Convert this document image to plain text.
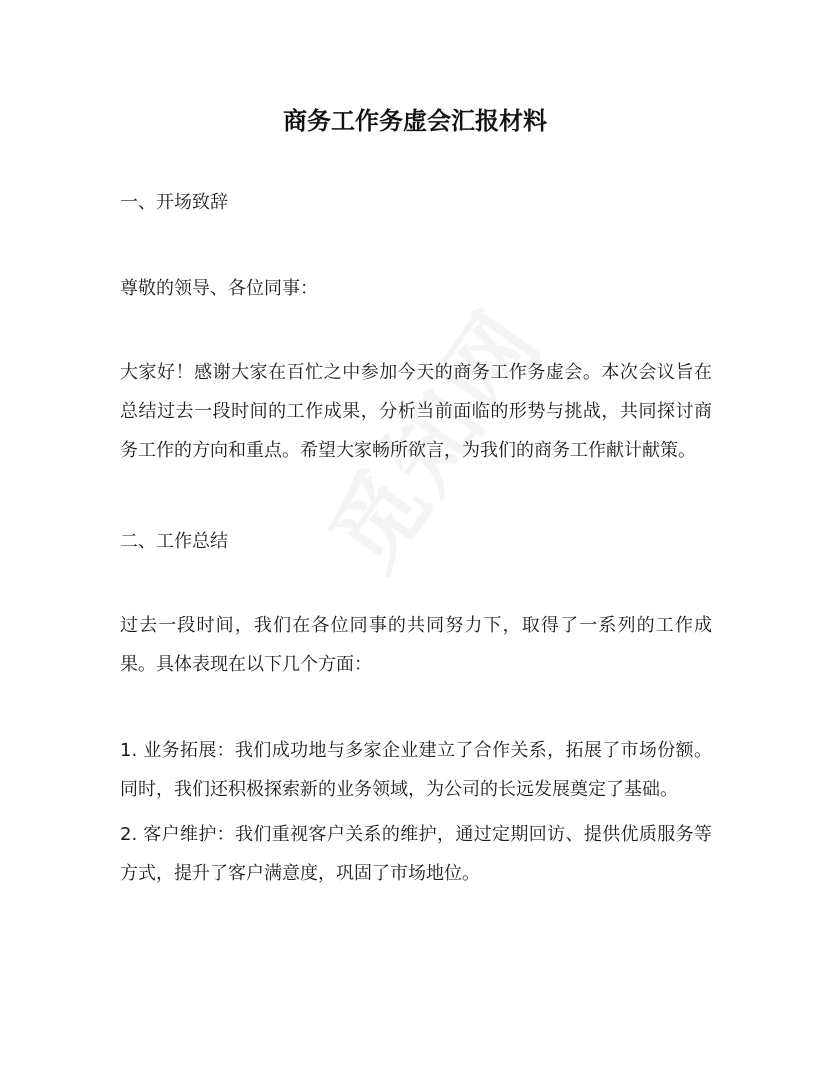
商务工作务虚会汇报材料
一、开场致辞
尊敬的领导、各位同事：
大家好！感谢大家在百忙之中参加今天的商务工作务虚会。本次会议旨在总结过去一段时间的工作成果，分析当前面临的形势与挑战，共同探讨商务工作的方向和重点。希望大家畅所欲言，为我们的商务工作献计献策。
二、工作总结
过去一段时间，我们在各位同事的共同努力下，取得了一系列的工作成果。具体表现在以下几个方面：
1. 业务拓展：我们成功地与多家企业建立了合作关系，拓展了市场份额。同时，我们还积极探索新的业务领域，为公司的长远发展奠定了基础。
2. 客户维护：我们重视客户关系的维护，通过定期回访、提供优质服务等方式，提升了客户满意度，巩固了市场地位。
